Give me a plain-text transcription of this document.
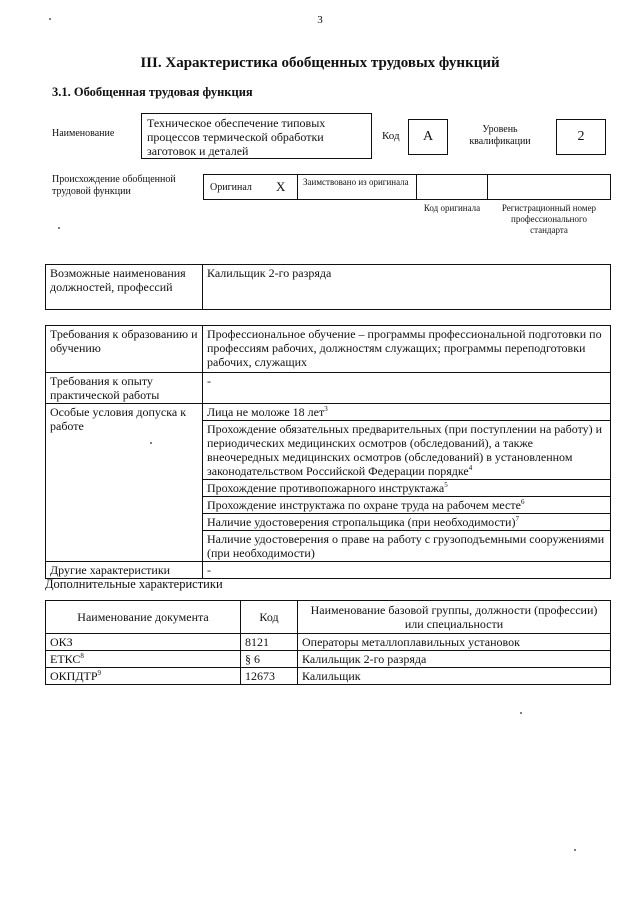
3
III. Характеристика обобщенных трудовых функций
3.1. Обобщенная трудовая функция
Наименование
Техническое обеспечение типовых процессов термической обработки заготовок и деталей
Код	A	Уровень квалификации	2
Происхождение обобщенной трудовой функции	Оригинал X	Заимствовано из оригинала
Код оригинала	Регистрационный номер профессионального стандарта
Возможные наименования должностей, профессий	Калильщик 2-го разряда
Требования к образованию и обучению	Профессиональное обучение – программы профессиональной подготовки по профессиям рабочих, должностям служащих; программы переподготовки рабочих, служащих
Требования к опыту практической работы	-
Особые условия допуска к работе	Лица не моложе 18 лет$^3$
	Прохождение обязательных предварительных (при поступлении на работу) и периодических медицинских осмотров (обследований), а также внеочередных медицинских осмотров (обследований) в установленном законодательством Российской Федерации порядке$^4$
	Прохождение противопожарного инструктажа$^5$
	Прохождение инструктажа по охране труда на рабочем месте$^6$
	Наличие удостоверения стропальщика (при необходимости)$^7$
	Наличие удостоверения о праве на работу с грузоподъемными сооружениями (при необходимости)
Другие характеристики	-
Дополнительные характеристики
Наименование документа	Код	Наименование базовой группы, должности (профессии) или специальности
ОКЗ	8121	Операторы металлоплавильных установок
ЕТКС$^8$	§ 6	Калильщик 2-го разряда
ОКПДТР$^9$	12673	Калильщик
